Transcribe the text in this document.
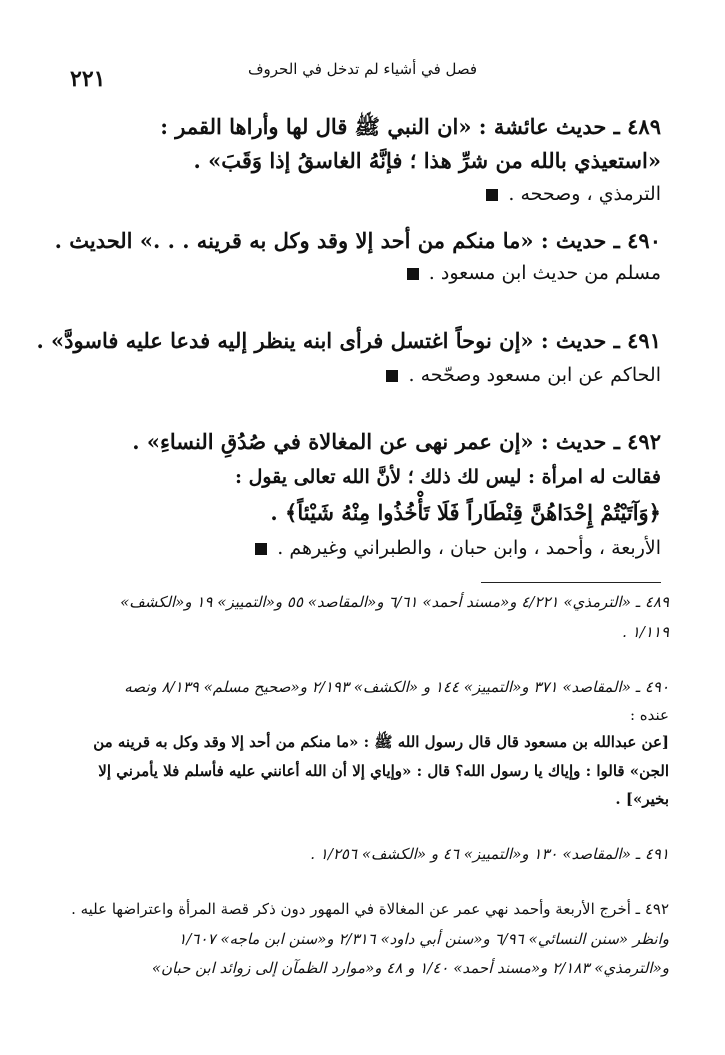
٢٢١	فصل في أشياء لم تدخل في الحروف
٤٨٩ ـ حديث عائشة : «ان النبي ﷺ قال لها وأراها القمر :
«استعيذي بالله من شرِّ هذا ؛ فإنَّهُ الغاسقُ إذا وَقَبَ» .
الترمذي ، وصححه .
٤٩٠ ـ حديث : «ما منكم من أحد إلا وقد وكل به قرينه . . .» الحديث .
مسلم من حديث ابن مسعود .
٤٩١ ـ حديث : «إن نوحاً اغتسل فرأى ابنه ينظر إليه فدعا عليه فاسودَّ» .
الحاكم عن ابن مسعود وصحّحه .
٤٩٢ ـ حديث : «إن عمر نهى عن المغالاة في صُدُقِ النساءِ» .
فقالت له امرأة : ليس لك ذلك ؛ لأنَّ الله تعالى يقول :
﴿وَآتَيْتُمْ إِحْدَاهُنَّ قِنْطَاراً فَلَا تَأْخُذُوا مِنْهُ شَيْئاً﴾ .
الأربعة ، وأحمد ، وابن حبان ، والطبراني وغيرهم .
٤٨٩ ـ «الترمذي» ٤/٢٢١ و«مسند أحمد» ٦/٦١ و«المقاصد» ٥٥ و«التمييز» ١٩ و«الكشف»
١/١١٩ .
٤٩٠ ـ «المقاصد» ٣٧١ و«التمييز» ١٤٤ و «الكشف» ٢/١٩٣ و«صحيح مسلم» ٨/١٣٩ ونصه
عنده :
[عن عبدالله بن مسعود قال قال رسول الله ﷺ : «ما منكم من أحد إلا وقد وكل به قرينه من
الجن» قالوا : وإياك يا رسول الله؟ قال : «وإياي إلا أن الله أعانني عليه فأسلم فلا يأمرني إلا
بخير»] .
٤٩١ ـ «المقاصد» ١٣٠ و«التمييز» ٤٦ و «الكشف» ١/٢٥٦ .
٤٩٢ ـ أخرج الأربعة وأحمد نهي عمر عن المغالاة في المهور دون ذكر قصة المرأة واعتراضها عليه .
وانظر «سنن النسائي» ٦/٩٦ و«سنن أبي داود» ٢/٣١٦ و«سنن ابن ماجه» ١/٦٠٧
و«الترمذي» ٢/١٨٣ و«مسند أحمد» ١/٤٠ و ٤٨ و«موارد الظمآن إلى زوائد ابن حبان»
